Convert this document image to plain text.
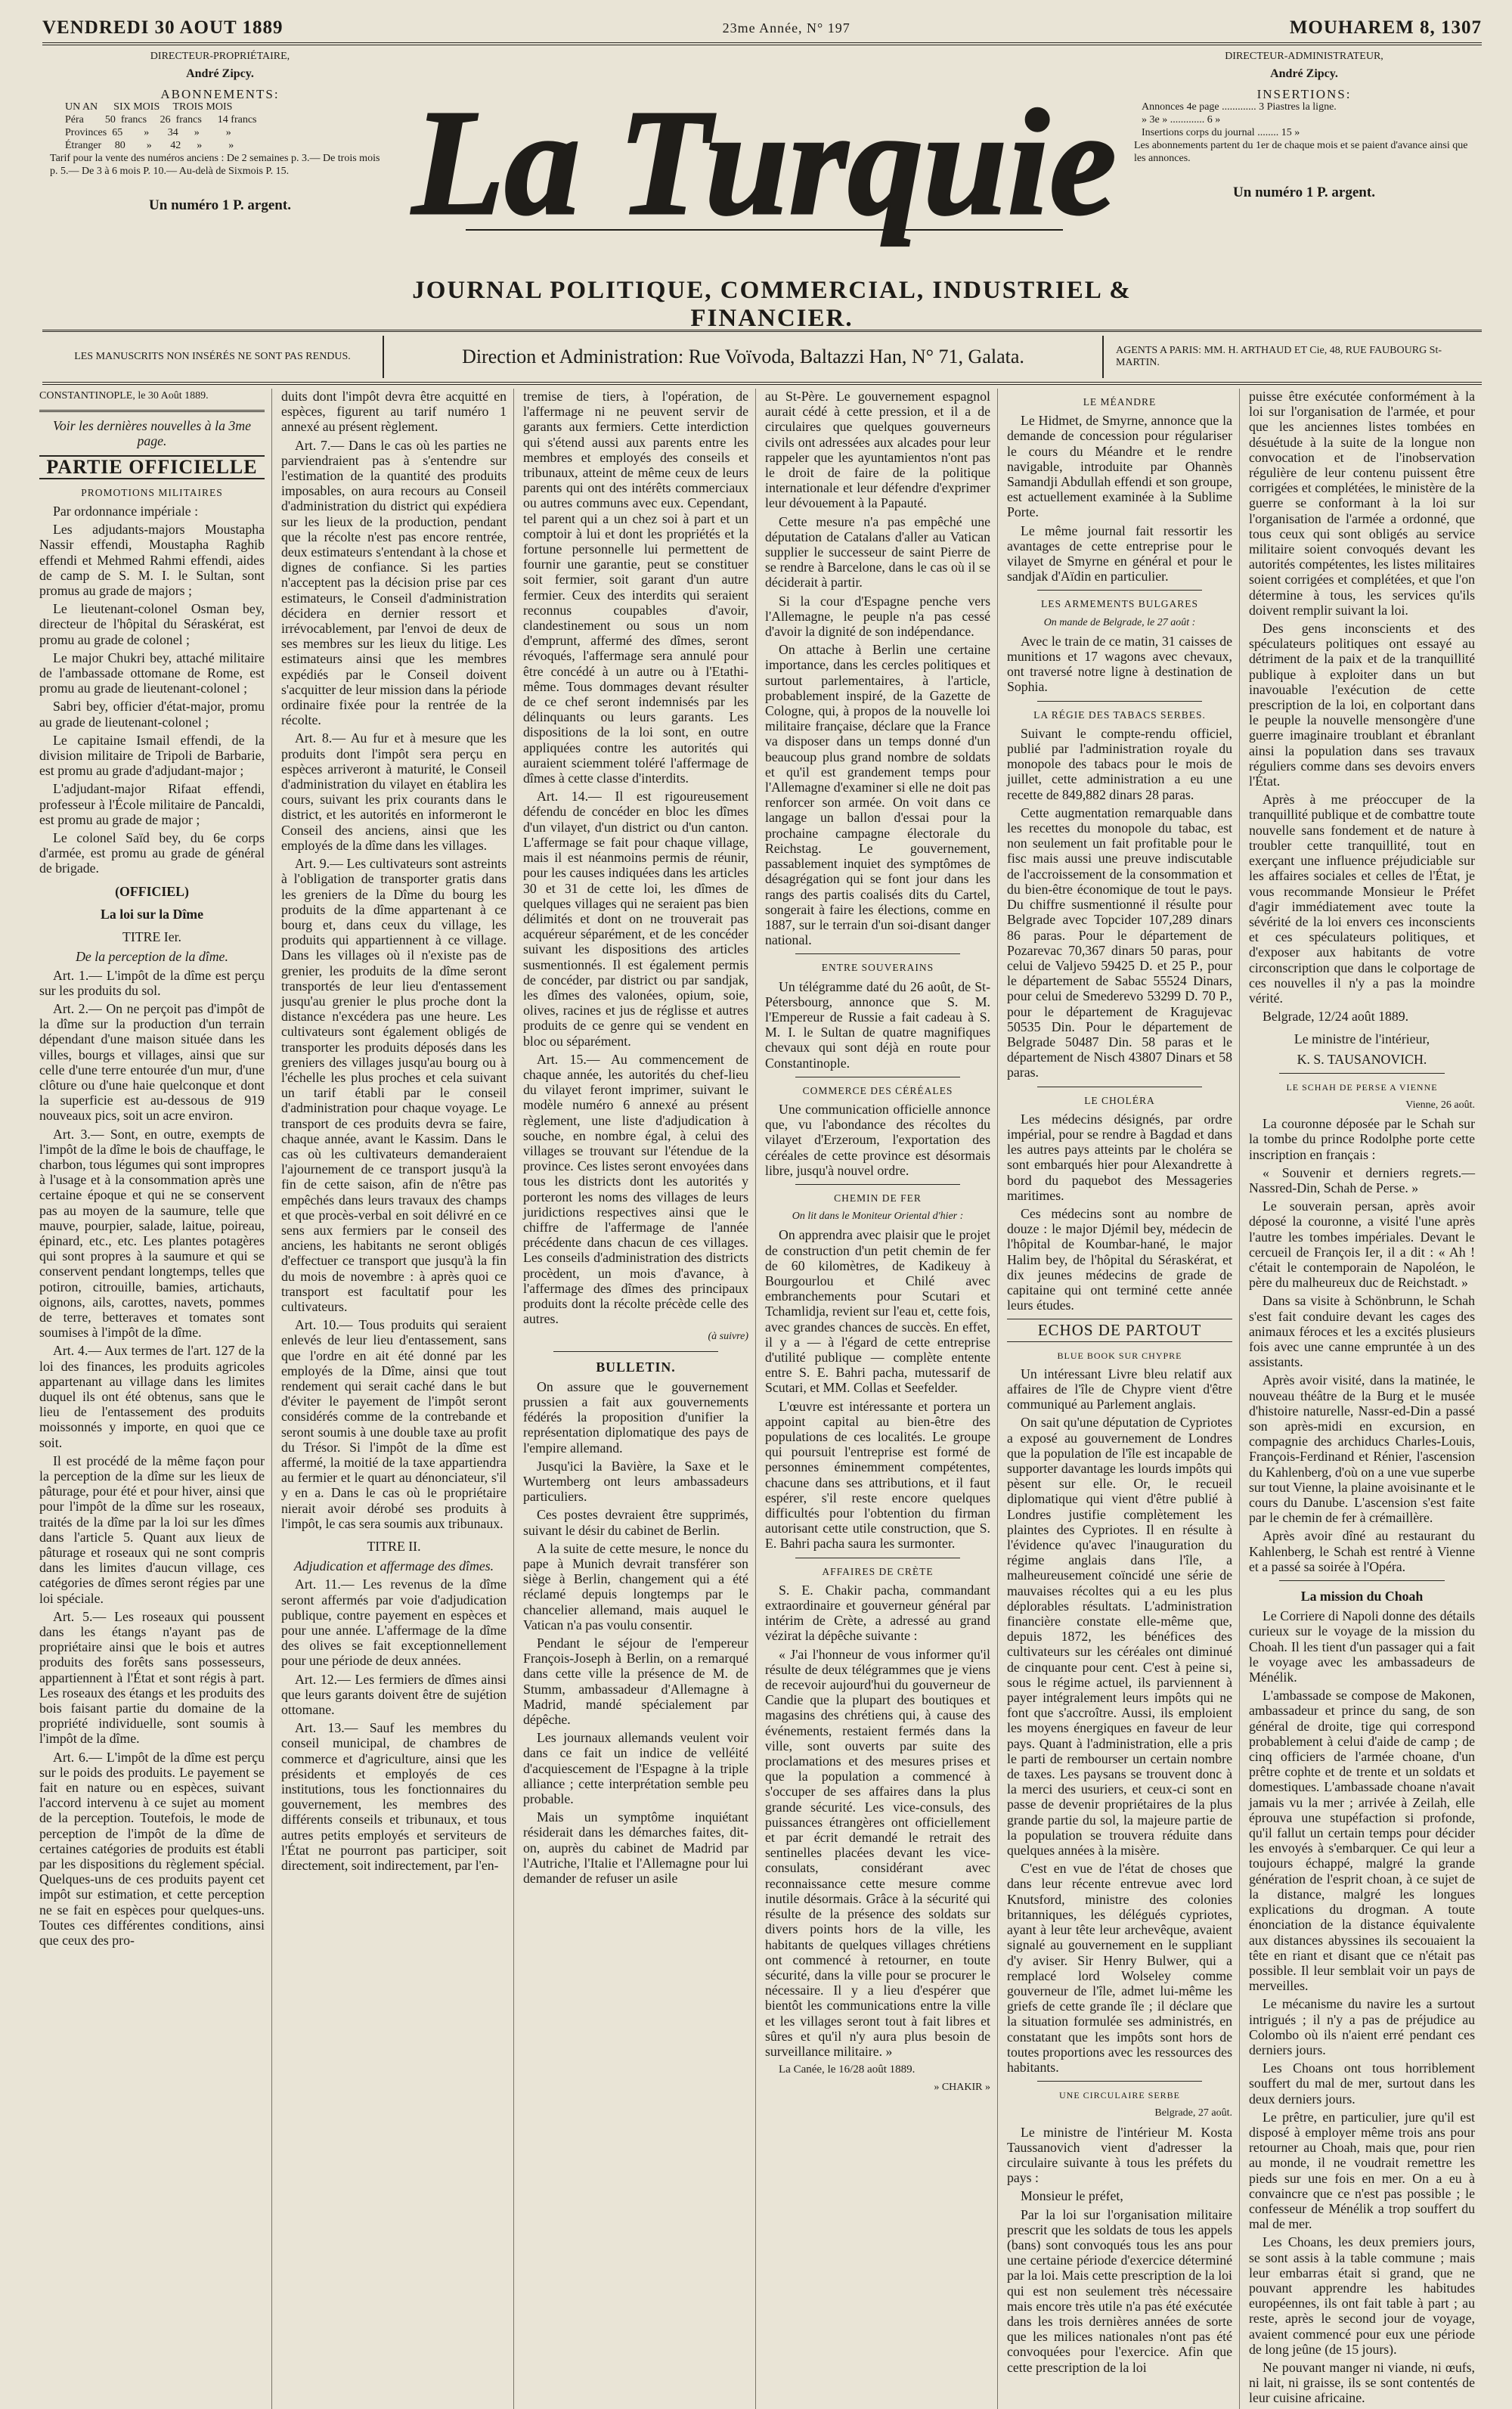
VENDREDI 30 AOUT 1889	23me Année, N° 197	MOUHAREM 8, 1307
DIRECTEUR-PROPRIÉTAIRE,
André Zipcy.
ABONNEMENTS:
UN AN      SIX MOIS     TROIS MOIS
Péra        50  francs     26  francs      14 francs
Provinces  65        »       34      »          »
Étranger     80        »       42      »          »
Tarif pour la vente des numéros anciens : De 2 semaines p. 3.— De trois mois p. 5.— De 3 à 6 mois P. 10.— Au-delà de Sixmois P. 15.
Un numéro 1 P. argent. La Turquie
JOURNAL POLITIQUE, COMMERCIAL, INDUSTRIEL & FINANCIER.
DIRECTEUR-ADMINISTRATEUR,
André Zipcy.
INSERTIONS:
Annonces 4e page ............. 3 Piastres la ligne.
» 3e » ............. 6 »
Insertions corps du journal ........ 15 »
Les abonnements partent du 1er de chaque mois et se paient d'avance ainsi que les annonces.
Un numéro 1 P. argent.
LES MANUSCRITS NON INSÉRÉS NE SONT PAS RENDUS.	Direction et Administration: Rue Voïvoda, Baltazzi Han, N° 71, Galata.	AGENTS A PARIS: MM. H. ARTHAUD ET Cie, 48, RUE FAUBOURG St-MARTIN.

CONSTANTINOPLE, le 30 Août 1889.

Voir les dernières nouvelles à la 3me page.

PARTIE OFFICIELLE

PROMOTIONS MILITAIRES

Par ordonnance impériale :

Les adjudants-majors Moustapha Nassir effendi, Moustapha Raghib effendi et Mehmed Rahmi effendi, aides de camp de S. M. I. le Sultan, sont promus au grade de majors ;

Le lieutenant-colonel Osman bey, directeur de l'hôpital du Séraskérat, est promu au grade de colonel ;

Le major Chukri bey, attaché militaire de l'ambassade ottomane de Rome, est promu au grade de lieutenant-colonel ;

Sabri bey, officier d'état-major, promu au grade de lieutenant-colonel ;

Le capitaine Ismail effendi, de la division militaire de Tripoli de Barbarie, est promu au grade d'adjudant-major ;

L'adjudant-major Rifaat effendi, professeur à l'École militaire de Pancaldi, est promu au grade de major ;

Le colonel Saïd bey, du 6e corps d'armée, est promu au grade de général de brigade.

(OFFICIEL)

La loi sur la Dîme

TITRE Ier.

De la perception de la dîme.

Art. 1.— L'impôt de la dîme est perçu sur les produits du sol.

Art. 2.— On ne perçoit pas d'impôt de la dîme sur la production d'un terrain dépendant d'une maison située dans les villes, bourgs et villages, ainsi que sur celle d'une terre entourée d'un mur, d'une clôture ou d'une haie quelconque et dont la superficie est au-dessous de 919 nouveaux pics, soit un acre environ.

Art. 3.— Sont, en outre, exempts de l'impôt de la dîme le bois de chauffage, le charbon, tous légumes qui sont impropres à l'usage et à la consommation après une certaine époque et qui ne se conservent pas au moyen de la saumure, telle que mauve, pourpier, salade, laitue, poireau, épinard, etc., etc. Les plantes potagères qui sont propres à la saumure et qui se conservent pendant longtemps, telles que potiron, citrouille, bamies, artichauts, oignons, ails, carottes, navets, pommes de terre, betteraves et tomates sont soumises à l'impôt de la dîme.

Art. 4.— Aux termes de l'art. 127 de la loi des finances, les produits agricoles appartenant au village dans les limites duquel ils ont été obtenus, sans que le lieu de l'entassement des produits moissonnés y importe, en quoi que ce soit.

Il est procédé de la même façon pour la perception de la dîme sur les lieux de pâturage, pour été et pour hiver, ainsi que pour l'impôt de la dîme sur les roseaux, traités de la dîme par la loi sur les dîmes dans l'article 5. Quant aux lieux de pâturage et roseaux qui ne sont compris dans les limites d'aucun village, ces catégories de dîmes seront régies par une loi spéciale.

Art. 5.— Les roseaux qui poussent dans les étangs n'ayant pas de propriétaire ainsi que le bois et autres produits des forêts sans possesseurs, appartiennent à l'État et sont régis à part. Les roseaux des étangs et les produits des bois faisant partie du domaine de la propriété individuelle, sont soumis à l'impôt de la dîme.

Art. 6.— L'impôt de la dîme est perçu sur le poids des produits. Le payement se fait en nature ou en espèces, suivant l'accord intervenu à ce sujet au moment de la perception. Toutefois, le mode de perception de l'impôt de la dîme de certaines catégories de produits est établi par les dispositions du règlement spécial. Quelques-uns de ces produits payent cet impôt sur estimation, et cette perception ne se fait en espèces pour quelques-uns. Toutes ces différentes conditions, ainsi que ceux des pro-

duits dont l'impôt devra être acquitté en espèces, figurent au tarif numéro 1 annexé au présent règlement.

Art. 7.— Dans le cas où les parties ne parviendraient pas à s'entendre sur l'estimation de la quantité des produits imposables, on aura recours au Conseil d'administration du district qui expédiera sur les lieux de la production, pendant que la récolte n'est pas encore rentrée, deux estimateurs s'entendant à la chose et dignes de confiance. Si les parties n'acceptent pas la décision prise par ces estimateurs, le Conseil d'administration décidera en dernier ressort et irrévocablement, par l'envoi de deux de ses membres sur les lieux du litige. Les estimateurs ainsi que les membres expédiés par le Conseil doivent s'acquitter de leur mission dans la période ordinaire fixée pour la rentrée de la récolte.

Art. 8.— Au fur et à mesure que les produits dont l'impôt sera perçu en espèces arriveront à maturité, le Conseil d'administration du vilayet en établira les cours, suivant les prix courants dans le district, et les autorités en informeront le Conseil des anciens, ainsi que les employés de la dîme dans les villages.

Art. 9.— Les cultivateurs sont astreints à l'obligation de transporter gratis dans les greniers de la Dîme du bourg les produits de la dîme appartenant à ce bourg et, dans ceux du village, les produits qui appartiennent à ce village. Dans les villages où il n'existe pas de grenier, les produits de la dîme seront transportés de leur lieu d'entassement jusqu'au grenier le plus proche dont la distance n'excédera pas une heure. Les cultivateurs sont également obligés de transporter les produits déposés dans les greniers des villages jusqu'au bourg ou à l'échelle les plus proches et cela suivant un tarif établi par le conseil d'administration pour chaque voyage. Le transport de ces produits devra se faire, chaque année, avant le Kassim. Dans le cas où les cultivateurs demanderaient l'ajournement de ce transport jusqu'à la fin de cette saison, afin de n'être pas empêchés dans leurs travaux des champs et que procès-verbal en soit délivré en ce sens aux fermiers par le conseil des anciens, les habitants ne seront obligés d'effectuer ce transport que jusqu'à la fin du mois de novembre : à après quoi ce transport est facultatif pour les cultivateurs.

Art. 10.— Tous produits qui seraient enlevés de leur lieu d'entassement, sans que l'ordre en ait été donné par les employés de la Dîme, ainsi que tout rendement qui serait caché dans le but d'éviter le payement de l'impôt seront considérés comme de la contrebande et seront soumis à une double taxe au profit du Trésor. Si l'impôt de la dîme est affermé, la moitié de la taxe appartiendra au fermier et le quart au dénonciateur, s'il y en a. Dans le cas où le propriétaire nierait avoir dérobé ses produits à l'impôt, le cas sera soumis aux tribunaux.

TITRE II.

Adjudication et affermage des dîmes.

Art. 11.— Les revenus de la dîme seront affermés par voie d'adjudication publique, contre payement en espèces et pour une année. L'affermage de la dîme des olives se fait exceptionnellement pour une période de deux années.

Art. 12.— Les fermiers de dîmes ainsi que leurs garants doivent être de sujétion ottomane.

Art. 13.— Sauf les membres du conseil municipal, de chambres de commerce et d'agriculture, ainsi que les présidents et employés de ces institutions, tous les fonctionnaires du gouvernement, les membres des différents conseils et tribunaux, et tous autres petits employés et serviteurs de l'État ne pourront pas participer, soit directement, soit indirectement, par l'en-

tremise de tiers, à l'opération, de l'affermage ni ne peuvent servir de garants aux fermiers. Cette interdiction qui s'étend aussi aux parents entre les membres et employés des conseils et tribunaux, atteint de même ceux de leurs parents qui ont des intérêts commerciaux ou autres communs avec eux. Cependant, tel parent qui a un chez soi à part et un comptoir à lui et dont les propriétés et la fortune personnelle lui permettent de fournir une garantie, peut se constituer soit fermier, soit garant d'un autre fermier. Ceux des interdits qui seraient reconnus coupables d'avoir, clandestinement ou sous un nom d'emprunt, affermé des dîmes, seront révoqués, l'affermage sera annulé pour être concédé à un autre ou à l'Etathi-même. Tous dommages devant résulter de ce chef seront indemnisés par les délinquants ou leurs garants. Les dispositions de la loi sont, en outre appliquées contre les autorités qui auraient sciemment toléré l'affermage de dîmes à cette classe d'interdits.

Art. 14.— Il est rigoureusement défendu de concéder en bloc les dîmes d'un vilayet, d'un district ou d'un canton. L'affermage se fait pour chaque village, mais il est néanmoins permis de réunir, pour les causes indiquées dans les articles 30 et 31 de cette loi, les dîmes de quelques villages qui ne seraient pas bien délimités et dont on ne trouverait pas acquéreur séparément, et de les concéder suivant les dispositions des articles susmentionnés. Il est également permis de concéder, par district ou par sandjak, les dîmes des valonées, opium, soie, olives, racines et jus de réglisse et autres produits de ce genre qui se vendent en bloc ou séparément.

Art. 15.— Au commencement de chaque année, les autorités du chef-lieu du vilayet feront imprimer, suivant le modèle numéro 6 annexé au présent règlement, une liste d'adjudication à souche, en nombre égal, à celui des villages se trouvant sur l'étendue de la province. Ces listes seront envoyées dans tous les districts dont les autorités y porteront les noms des villages de leurs juridictions respectives ainsi que le chiffre de l'affermage de l'année précédente dans chacun de ces villages. Les conseils d'administration des districts procèdent, un mois d'avance, à l'affermage des dîmes des principaux produits dont la récolte précède celle des autres.

(à suivre)

BULLETIN.

On assure que le gouvernement prussien a fait aux gouvernements fédérés la proposition d'unifier la représentation diplomatique des pays de l'empire allemand.

Jusqu'ici la Bavière, la Saxe et le Wurtemberg ont leurs ambassadeurs particuliers.

Ces postes devraient être supprimés, suivant le désir du cabinet de Berlin.

A la suite de cette mesure, le nonce du pape à Munich devrait transférer son siège à Berlin, changement qui a été réclamé depuis longtemps par le chancelier allemand, mais auquel le Vatican n'a pas voulu consentir.

Pendant le séjour de l'empereur François-Joseph à Berlin, on a remarqué dans cette ville la présence de M. de Stumm, ambassadeur d'Allemagne à Madrid, mandé spécialement par dépêche.

Les journaux allemands veulent voir dans ce fait un indice de velléité d'acquiescement de l'Espagne à la triple alliance ; cette interprétation semble peu probable.

Mais un symptôme inquiétant résiderait dans les démarches faites, dit-on, auprès du cabinet de Madrid par l'Autriche, l'Italie et l'Allemagne pour lui demander de refuser un asile

au St-Père. Le gouvernement espagnol aurait cédé à cette pression, et il a de circulaires que quelques gouverneurs civils ont adressées aux alcades pour leur rappeler que les ayuntamientos n'ont pas le droit de faire de la politique internationale et leur défendre d'exprimer leur dévouement à la Papauté.

Cette mesure n'a pas empêché une députation de Catalans d'aller au Vatican supplier le successeur de saint Pierre de se rendre à Barcelone, dans le cas où il se déciderait à partir.

Si la cour d'Espagne penche vers l'Allemagne, le peuple n'a pas cessé d'avoir la dignité de son indépendance.

On attache à Berlin une certaine importance, dans les cercles politiques et surtout parlementaires, à l'article, probablement inspiré, de la Gazette de Cologne, qui, à propos de la nouvelle loi militaire française, déclare que la France va disposer dans un temps donné d'un beaucoup plus grand nombre de soldats et qu'il est grandement temps pour l'Allemagne d'examiner si elle ne doit pas renforcer son armée. On voit dans ce langage un ballon d'essai pour la prochaine campagne électorale du Reichstag. Le gouvernement, passablement inquiet des symptômes de désagrégation qui se font jour dans les rangs des partis coalisés dits du Cartel, songerait à faire les élections, comme en 1887, sur le terrain d'un soi-disant danger national.

ENTRE SOUVERAINS

Un télégramme daté du 26 août, de St-Pétersbourg, annonce que S. M. l'Empereur de Russie a fait cadeau à S. M. I. le Sultan de quatre magnifiques chevaux qui sont déjà en route pour Constantinople.

COMMERCE DES CÉRÉALES

Une communication officielle annonce que, vu l'abondance des récoltes du vilayet d'Erzeroum, l'exportation des céréales de cette province est désormais libre, jusqu'à nouvel ordre.

CHEMIN DE FER

On lit dans le Moniteur Oriental d'hier :

On apprendra avec plaisir que le projet de construction d'un petit chemin de fer de 60 kilomètres, de Kadikeuy à Bourgourlou et Chilé avec embranchements pour Scutari et Tchamlidja, revient sur l'eau et, cette fois, avec grandes chances de succès. En effet, il y a — à l'égard de cette entreprise d'utilité publique — complète entente entre S. E. Bahri pacha, mutessarif de Scutari, et MM. Collas et Seefelder.

L'œuvre est intéressante et portera un appoint capital au bien-être des populations de ces localités. Le groupe qui poursuit l'entreprise est formé de personnes éminemment compétentes, chacune dans ses attributions, et il faut espérer, s'il reste encore quelques difficultés pour l'obtention du firman autorisant cette utile construction, que S. E. Bahri pacha saura les surmonter.

AFFAIRES DE CRÈTE

S. E. Chakir pacha, commandant extraordinaire et gouverneur général par intérim de Crète, a adressé au grand vézirat la dépêche suivante :

« J'ai l'honneur de vous informer qu'il résulte de deux télégrammes que je viens de recevoir aujourd'hui du gouverneur de Candie que la plupart des boutiques et magasins des chrétiens qui, à cause des événements, restaient fermés dans la ville, sont ouverts par suite des proclamations et des mesures prises et que la population a commencé à s'occuper de ses affaires dans la plus grande sécurité. Les vice-consuls, des puissances étrangères ont officiellement et par écrit demandé le retrait des sentinelles placées devant les vice-consulats, considérant avec reconnaissance cette mesure comme inutile désormais. Grâce à la sécurité qui résulte de la présence des soldats sur divers points hors de la ville, les habitants de quelques villages chrétiens ont commencé à retourner, en toute sécurité, dans la ville pour se procurer le nécessaire. Il y a lieu d'espérer que bientôt les communications entre la ville et les villages seront tout à fait libres et sûres et qu'il n'y aura plus besoin de surveillance militaire. »

La Canée, le 16/28 août 1889.

» CHAKIR »

LE MÉANDRE

Le Hidmet, de Smyrne, annonce que la demande de concession pour régulariser le cours du Méandre et le rendre navigable, introduite par Ohannès Samandji Abdullah effendi et son groupe, est actuellement examinée à la Sublime Porte.

Le même journal fait ressortir les avantages de cette entreprise pour le vilayet de Smyrne en général et pour le sandjak d'Aïdin en particulier.

LES ARMEMENTS BULGARES

On mande de Belgrade, le 27 août :

Avec le train de ce matin, 31 caisses de munitions et 17 wagons avec chevaux, ont traversé notre ligne à destination de Sophia.

LA RÉGIE DES TABACS SERBES.

Suivant le compte-rendu officiel, publié par l'administration royale du monopole des tabacs pour le mois de juillet, cette administration a eu une recette de 849,882 dinars 28 paras.

Cette augmentation remarquable dans les recettes du monopole du tabac, est non seulement un fait profitable pour le fisc mais aussi une preuve indiscutable de l'accroissement de la consommation et du bien-être économique de tout le pays. Du chiffre susmentionné il résulte pour Belgrade avec Topcider 107,289 dinars 86 paras. Pour le département de Pozarevac 70,367 dinars 50 paras, pour celui de Valjevo 59425 D. et 25 P., pour le département de Sabac 55524 Dinars, pour celui de Smederevo 53299 D. 70 P., pour le département de Kragujevac 50535 Din. Pour le département de Belgrade 50487 Din. 58 paras et le département de Nisch 43807 Dinars et 58 paras.

LE CHOLÉRA

Les médecins désignés, par ordre impérial, pour se rendre à Bagdad et dans les autres pays atteints par le choléra se sont embarqués hier pour Alexandrette à bord du paquebot des Messageries maritimes.

Ces médecins sont au nombre de douze : le major Djémil bey, médecin de l'hôpital de Koumbar-hané, le major Halim bey, de l'hôpital du Séraskérat, et dix jeunes médecins de grade de capitaine qui ont terminé cette année leurs études.

ECHOS DE PARTOUT

BLUE BOOK SUR CHYPRE

Un intéressant Livre bleu relatif aux affaires de l'île de Chypre vient d'être communiqué au Parlement anglais.

On sait qu'une députation de Cypriotes a exposé au gouvernement de Londres que la population de l'île est incapable de supporter davantage les lourds impôts qui pèsent sur elle. Or, le recueil diplomatique qui vient d'être publié à Londres justifie complètement les plaintes des Cypriotes. Il en résulte à l'évidence qu'avec l'inauguration du régime anglais dans l'île, a malheureusement coïncidé une série de mauvaises récoltes qui a eu les plus déplorables résultats. L'administration financière constate elle-même que, depuis 1872, les bénéfices des cultivateurs sur les céréales ont diminué de cinquante pour cent. C'est à peine si, sous le régime actuel, ils parviennent à payer intégralement leurs impôts qui ne font que s'accroître. Aussi, ils emploient les moyens énergiques en faveur de leur pays. Quant à l'administration, elle a pris le parti de rembourser un certain nombre de taxes. Les paysans se trouvent donc à la merci des usuriers, et ceux-ci sont en passe de devenir propriétaires de la plus grande partie du sol, la majeure partie de la population se trouvera réduite dans quelques années à la misère.

C'est en vue de l'état de choses que dans leur récente entrevue avec lord Knutsford, ministre des colonies britanniques, les délégués cypriotes, ayant à leur tête leur archevêque, avaient signalé au gouvernement en le suppliant d'y aviser. Sir Henry Bulwer, qui a remplacé lord Wolseley comme gouverneur de l'île, admet lui-même les griefs de cette grande île ; il déclare que la situation formulée ses administrés, en constatant que les impôts sont hors de toutes proportions avec les ressources des habitants.

UNE CIRCULAIRE SERBE

Belgrade, 27 août.

Le ministre de l'intérieur M. Kosta Taussanovich vient d'adresser la circulaire suivante à tous les préfets du pays :

Monsieur le préfet,

Par la loi sur l'organisation militaire prescrit que les soldats de tous les appels (bans) sont convoqués tous les ans pour une certaine période d'exercice déterminé par la loi. Mais cette prescription de la loi qui est non seulement très nécessaire mais encore très utile n'a pas été exécutée dans les trois dernières années de sorte que les milices nationales n'ont pas été convoquées pour l'exercice. Afin que cette prescription de la loi

puisse être exécutée conformément à la loi sur l'organisation de l'armée, et pour que les anciennes listes tombées en désuétude à la suite de la longue non convocation et de l'inobservation régulière de leur contenu puissent être corrigées et complétées, le ministère de la guerre se conformant à la loi sur l'organisation de l'armée a ordonné, que tous ceux qui sont obligés au service militaire soient convoqués devant les autorités compétentes, les listes militaires soient corrigées et complétées, et que l'on détermine à tous, les services qu'ils doivent remplir suivant la loi.

Des gens inconscients et des spéculateurs politiques ont essayé au détriment de la paix et de la tranquillité publique à exploiter dans un but inavouable l'exécution de cette prescription de la loi, en colportant dans le peuple la nouvelle mensongère d'une guerre imaginaire troublant et ébranlant ainsi la population dans ses travaux réguliers comme dans ses devoirs envers l'État.

Après à me préoccuper de la tranquillité publique et de combattre toute nouvelle sans fondement et de nature à troubler cette tranquillité, tout en exerçant une influence préjudiciable sur les affaires sociales et celles de l'État, je vous recommande Monsieur le Préfet d'agir immédiatement avec toute la sévérité de la loi envers ces inconscients et ces spéculateurs politiques, et d'exposer aux habitants de votre circonscription que dans le colportage de ces nouvelles il n'y a pas la moindre vérité.

Belgrade, 12/24 août 1889.

Le ministre de l'intérieur,

K. S. TAUSANOVICH.

LE SCHAH DE PERSE A VIENNE

Vienne, 26 août.

La couronne déposée par le Schah sur la tombe du prince Rodolphe porte cette inscription en français :

« Souvenir et derniers regrets.—Nassred-Din, Schah de Perse. »

Le souverain persan, après avoir déposé la couronne, a visité l'une après l'autre les tombes impériales. Devant le cercueil de François Ier, il a dit : « Ah ! c'était le contemporain de Napoléon, le père du malheureux duc de Reichstadt. »

Dans sa visite à Schönbrunn, le Schah s'est fait conduire devant les cages des animaux féroces et les a excités plusieurs fois avec une canne empruntée à un des assistants.

Après avoir visité, dans la matinée, le nouveau théâtre de la Burg et le musée d'histoire naturelle, Nassr-ed-Din a passé son après-midi en excursion, en compagnie des archiducs Charles-Louis, François-Ferdinand et Rénier, l'ascension du Kahlenberg, d'où on a une vue superbe sur tout Vienne, la plaine avoisinante et le cours du Danube. L'ascension s'est faite par le chemin de fer à crémaillère.

Après avoir dîné au restaurant du Kahlenberg, le Schah est rentré à Vienne et a passé sa soirée à l'Opéra.

La mission du Choah

Le Corriere di Napoli donne des détails curieux sur le voyage de la mission du Choah. Il les tient d'un passager qui a fait le voyage avec les ambassadeurs de Ménélik.

L'ambassade se compose de Makonen, ambassadeur et prince du sang, de son général de droite, tige qui correspond probablement à celui d'aide de camp ; de cinq officiers de l'armée choane, d'un prêtre cophte et de trente et un soldats et domestiques. L'ambassade choane n'avait jamais vu la mer ; arrivée à Zeilah, elle éprouva une stupéfaction si profonde, qu'il fallut un certain temps pour décider les envoyés à s'embarquer. Ce qui leur a toujours échappé, malgré la grande génération de l'esprit choan, à ce sujet de la distance, malgré les longues explications du drogman. A toute énonciation de la distance équivalente aux distances abyssines ils secouaient la tête en riant et disant que ce n'était pas possible. Il leur semblait voir un pays de merveilles.

Le mécanisme du navire les a surtout intrigués ; il n'y a pas de préjudice au Colombo où ils n'aient erré pendant ces derniers jours.

Les Choans ont tous horriblement souffert du mal de mer, surtout dans les deux derniers jours.

Le prêtre, en particulier, jure qu'il est disposé à employer même trois ans pour retourner au Choah, mais que, pour rien au monde, il ne voudrait remettre les pieds sur une fois en mer. On a eu à convaincre que ce n'est pas possible ; le confesseur de Ménélik a trop souffert du mal de mer.

Les Choans, les deux premiers jours, se sont assis à la table commune ; mais leur embarras était si grand, que ne pouvant apprendre les habitudes européennes, ils ont fait table à part ; au reste, après le second jour de voyage, avaient commencé pour eux une période de long jeûne (de 15 jours).

Ne pouvant manger ni viande, ni œufs, ni lait, ni graisse, ils se sont contentés de leur cuisine africaine.
